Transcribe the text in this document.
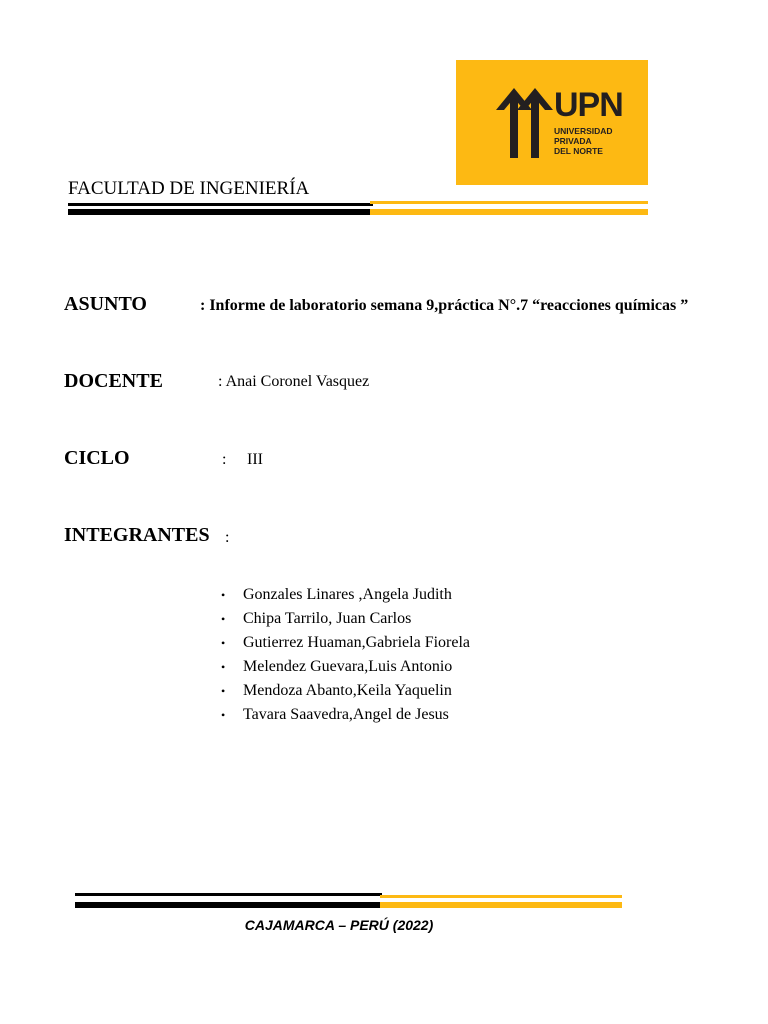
UPN
UNIVERSIDAD
PRIVADA
DEL NORTE
FACULTAD DE INGENIERÍA
ASUNTO	: Informe de laboratorio semana 9,práctica N°.7 “reacciones químicas ”
DOCENTE	: Anai Coronel Vasquez
CICLO	: III
INTEGRANTES :
• Gonzales Linares ,Angela Judith
• Chipa Tarrilo, Juan Carlos
• Gutierrez Huaman,Gabriela Fiorela
• Melendez Guevara,Luis Antonio
• Mendoza Abanto,Keila Yaquelin
• Tavara Saavedra,Angel de Jesus
CAJAMARCA – PERÚ (2022)
